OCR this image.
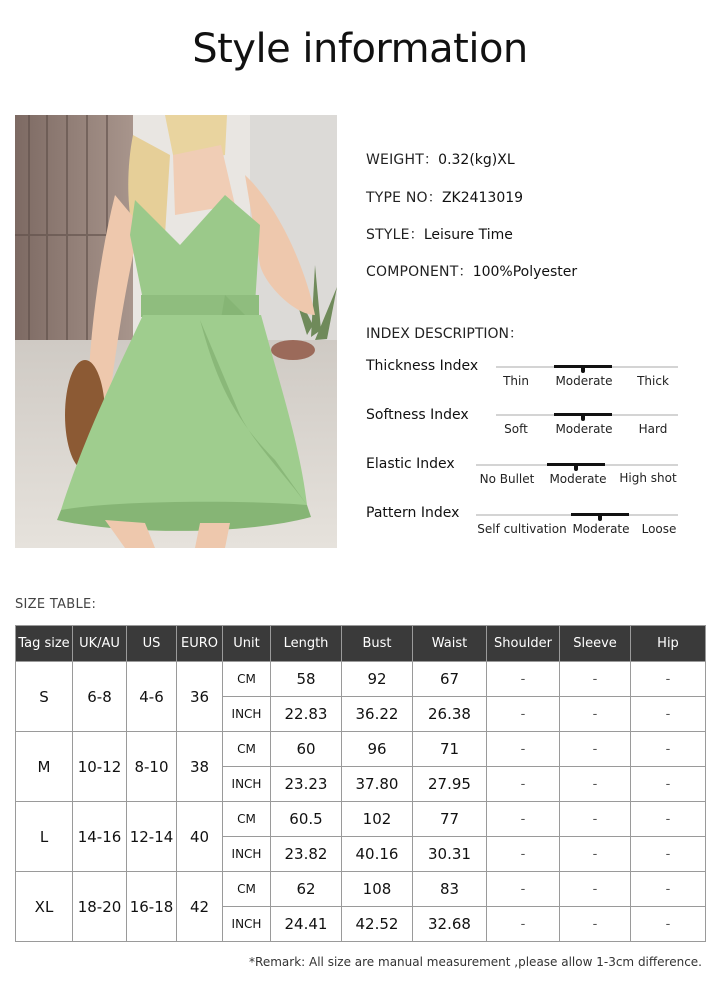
Style information
WEIGHT：0.32(kg)XL
TYPE NO：ZK2413019
STYLE：Leisure Time
COMPONENT：100%Polyester
INDEX DESCRIPTION：
Thickness Index
Thin	Moderate	Thick
Softness Index
Soft	Moderate	Hard
Elastic Index
No Bullet	Moderate	High shot
Pattern Index
Self cultivation Moderate	Loose
SIZE TABLE:
Tag size	UK/AU	US	EURO	Unit	Length	Bust	Waist	Shoulder	Sleeve	Hip
S	6-8	4-6	36	CM	58	92	67	-	-	-
				INCH	22.83	36.22	26.38	-	-	-
M	10-12	8-10	38	CM	60	96	71	-	-	-
				INCH	23.23	37.80	27.95	-	-	-
L	14-16	12-14	40	CM	60.5	102	77	-	-	-
				INCH	23.82	40.16	30.31	-	-	-
XL	18-20	16-18	42	CM	62	108	83	-	-	-
				INCH	24.41	42.52	32.68	-	-	-
*Remark: All size are manual measurement ,please allow 1-3cm difference.
